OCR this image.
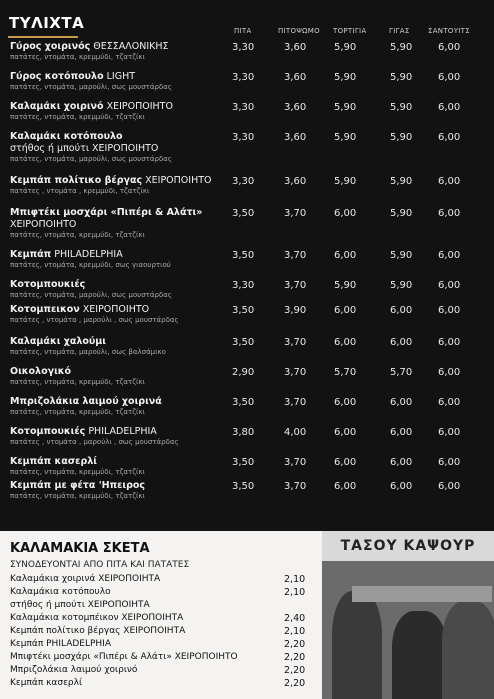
ΤΥΛΙΧΤΑ	ΠΙΤΑ	ΠΙΤΟΨΩΜΟ ΤΟΡΤΙΓΙΑ	ΓΙΓΑΣ	ΣΑΝΤΟΥΙΤΣ
Γύρος χοιρινός ΘΕΣΣΑΛΟΝΙΚΗΣ
πατάτες, ντομάτα, κρεμμύδι, τζατζίκι
3,30	3,60	5,90	5,90	6,00
Γύρος κοτόπουλο LIGHT
πατάτες, ντομάτα, μαρούλι, σως μουστάρδας
3,30	3,60	5,90	5,90	6,00
Καλαμάκι χοιρινό ΧΕΙΡΟΠΟΙΗΤΟ
πατάτες, ντομάτα, κρεμμύδι, τζατζίκι
3,30	3,60	5,90	5,90	6,00
Καλαμάκι κοτόπουλο
στήθος ή μπούτι ΧΕΙΡΟΠΟΙΗΤΟ
πατάτες, ντομάτα, μαρούλι, σως μουστάρδας
3,30	3,60	5,90	5,90	6,00
Κεμπάπ πολίτικο βέργας ΧΕΙΡΟΠΟΙΗΤΟ
πατάτες , ντομάτα , κρεμμύδι, τζατζίκι
3,30	3,60	5,90	5,90	6,00
Μπιφτέκι μοσχάρι «Πιπέρι & Αλάτι»
ΧΕΙΡΟΠΟΙΗΤΟ
πατάτες, ντομάτα, κρεμμύδι, τζατζίκι
3,50	3,70	6,00	5,90	6,00
Κεμπάπ PHILADELPHIA
πατάτες, ντομάτα, κρεμμύδι, σως γιαουρτιού
3,50	3,70	6,00	5,90	6,00
Κοτομπουκιές
πατάτες, ντομάτα, μαρούλι, σως μουστάρδας
3,30	3,70	5,90	5,90	6,00
Κοτομπεικον ΧΕΙΡΟΠΟΙΗΤΟ
πατάτες , ντομάτα , μαρούλι , σως μουστάρδας
3,50	3,90	6,00	6,00	6,00
Καλαμάκι χαλούμι
πατάτες, ντομάτα, μαρούλι, σως βαλσάμικο
3,50	3,70	6,00	6,00	6,00
Οικολογικό
πατάτες, ντομάτα, κρεμμύδι, τζατζίκι
2,90	3,70	5,70	5,70	6,00
Μπριζολάκια λαιμού χοιρινά
πατάτες, ντομάτα, κρεμμύδι, τζατζίκι
3,50	3,70	6,00	6,00	6,00
Κοτομπουκιές PHILADELPHIA
πατάτες , ντομάτα , μαρούλι , σως μουστάρδας
3,80	4,00	6,00	6,00	6,00
Κεμπάπ κασερλί
πατάτες, ντομάτα, κρεμμύδι, τζατζίκι
3,50	3,70	6,00	6,00	6,00
Κεμπάπ με φέτα 'Ηπειρος
πατάτες, ντομάτα, κρεμμύδι, τζατζίκι
3,50	3,70	6,00	6,00	6,00
ΚΑΛΑΜΑΚΙΑ ΣΚΕΤΑ
ΣΥΝΟΔΕΥΟΝΤΑΙ ΑΠΟ ΠΙΤΑ ΚΑΙ ΠΑΤΑΤΕΣ
Καλαμάκια χοιρινά ΧΕΙΡΟΠΟΙΗΤΑ	2,10
Καλαμάκια κοτόπουλο	2,10
στήθος ή μπούτι ΧΕΙΡΟΠΟΙΗΤΑ
Καλαμάκια κοτομπέικον ΧΕΙΡΟΠΟΙΗΤΑ	2,40
Κεμπάπ πολίτικο βέργας ΧΕΙΡΟΠΟΙΗΤΑ	2,10
Κεμπάπ PHILADELPHIA	2,20
Μπιφτέκι μοσχάρι «Πιπέρι & Αλάτι» ΧΕΙΡΟΠΟΙΗΤΟ	2,20
Μπριζολάκια λαιμού χοιρινό	2,20
Κεμπάπ κασερλί	2,20
ΤΑΣΟΥ ΚΑΨΟΥΡ
